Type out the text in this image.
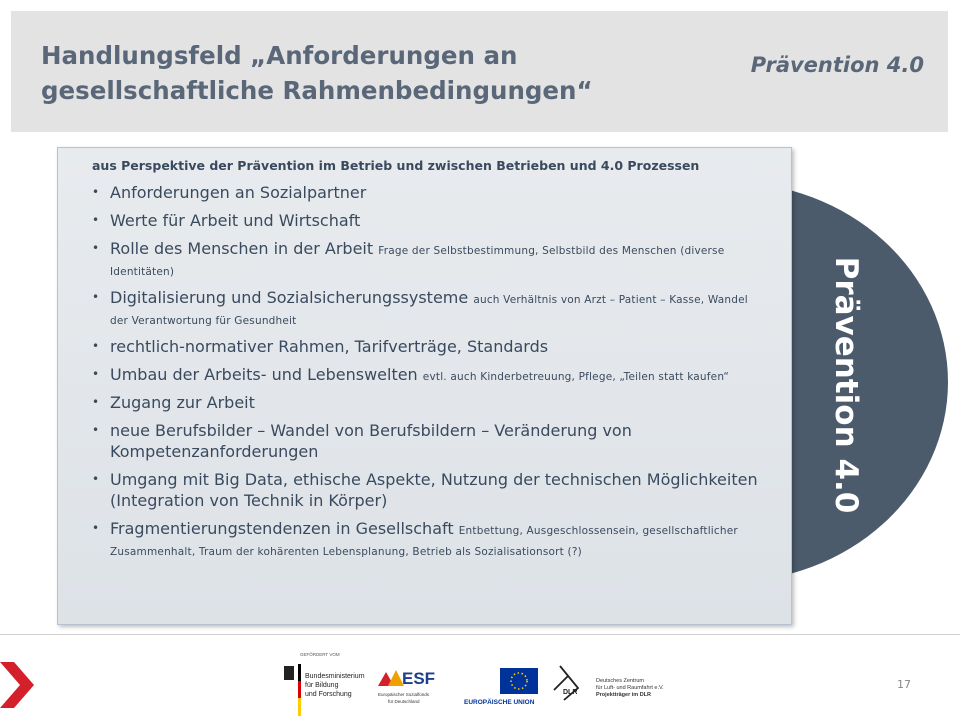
Handlungsfeld „Anforderungen an
gesellschaftliche Rahmenbedingungen“
Prävention 4.0
Prävention 4.0
aus Perspektive der Prävention im Betrieb und zwischen Betrieben und 4.0 Prozessen
• Anforderungen an Sozialpartner
• Werte für Arbeit und Wirtschaft
• Rolle des Menschen in der Arbeit Frage der Selbstbestimmung, Selbstbild des Menschen (diverse Identitäten)
• Digitalisierung und Sozialsicherungssysteme auch Verhältnis von Arzt – Patient – Kasse, Wandel der Verantwortung für Gesundheit
• rechtlich-normativer Rahmen, Tarifverträge, Standards
• Umbau der Arbeits- und Lebenswelten evtl. auch Kinderbetreuung, Pflege, „Teilen statt kaufen“
• Zugang zur Arbeit
• neue Berufsbilder – Wandel von Berufsbildern – Veränderung von Kompetenzanforderungen
• Umgang mit Big Data, ethische Aspekte, Nutzung der technischen Möglichkeiten (Integration von Technik in Körper)
• Fragmentierungstendenzen in Gesellschaft Entbettung, Ausgeschlossensein, gesellschaftlicher Zusammenhalt, Traum der kohärenten Lebensplanung, Betrieb als Sozialisationsort (?)
GEFÖRDERT VOM
Bundesministerium
für Bildung
und Forschung
ESF
Europäischer Sozialfonds
für Deutschland	EUROPÄISCHE UNION
DLR
Deutsches Zentrum
für Luft- und Raumfahrt e.V.
Projektträger im DLR
17
